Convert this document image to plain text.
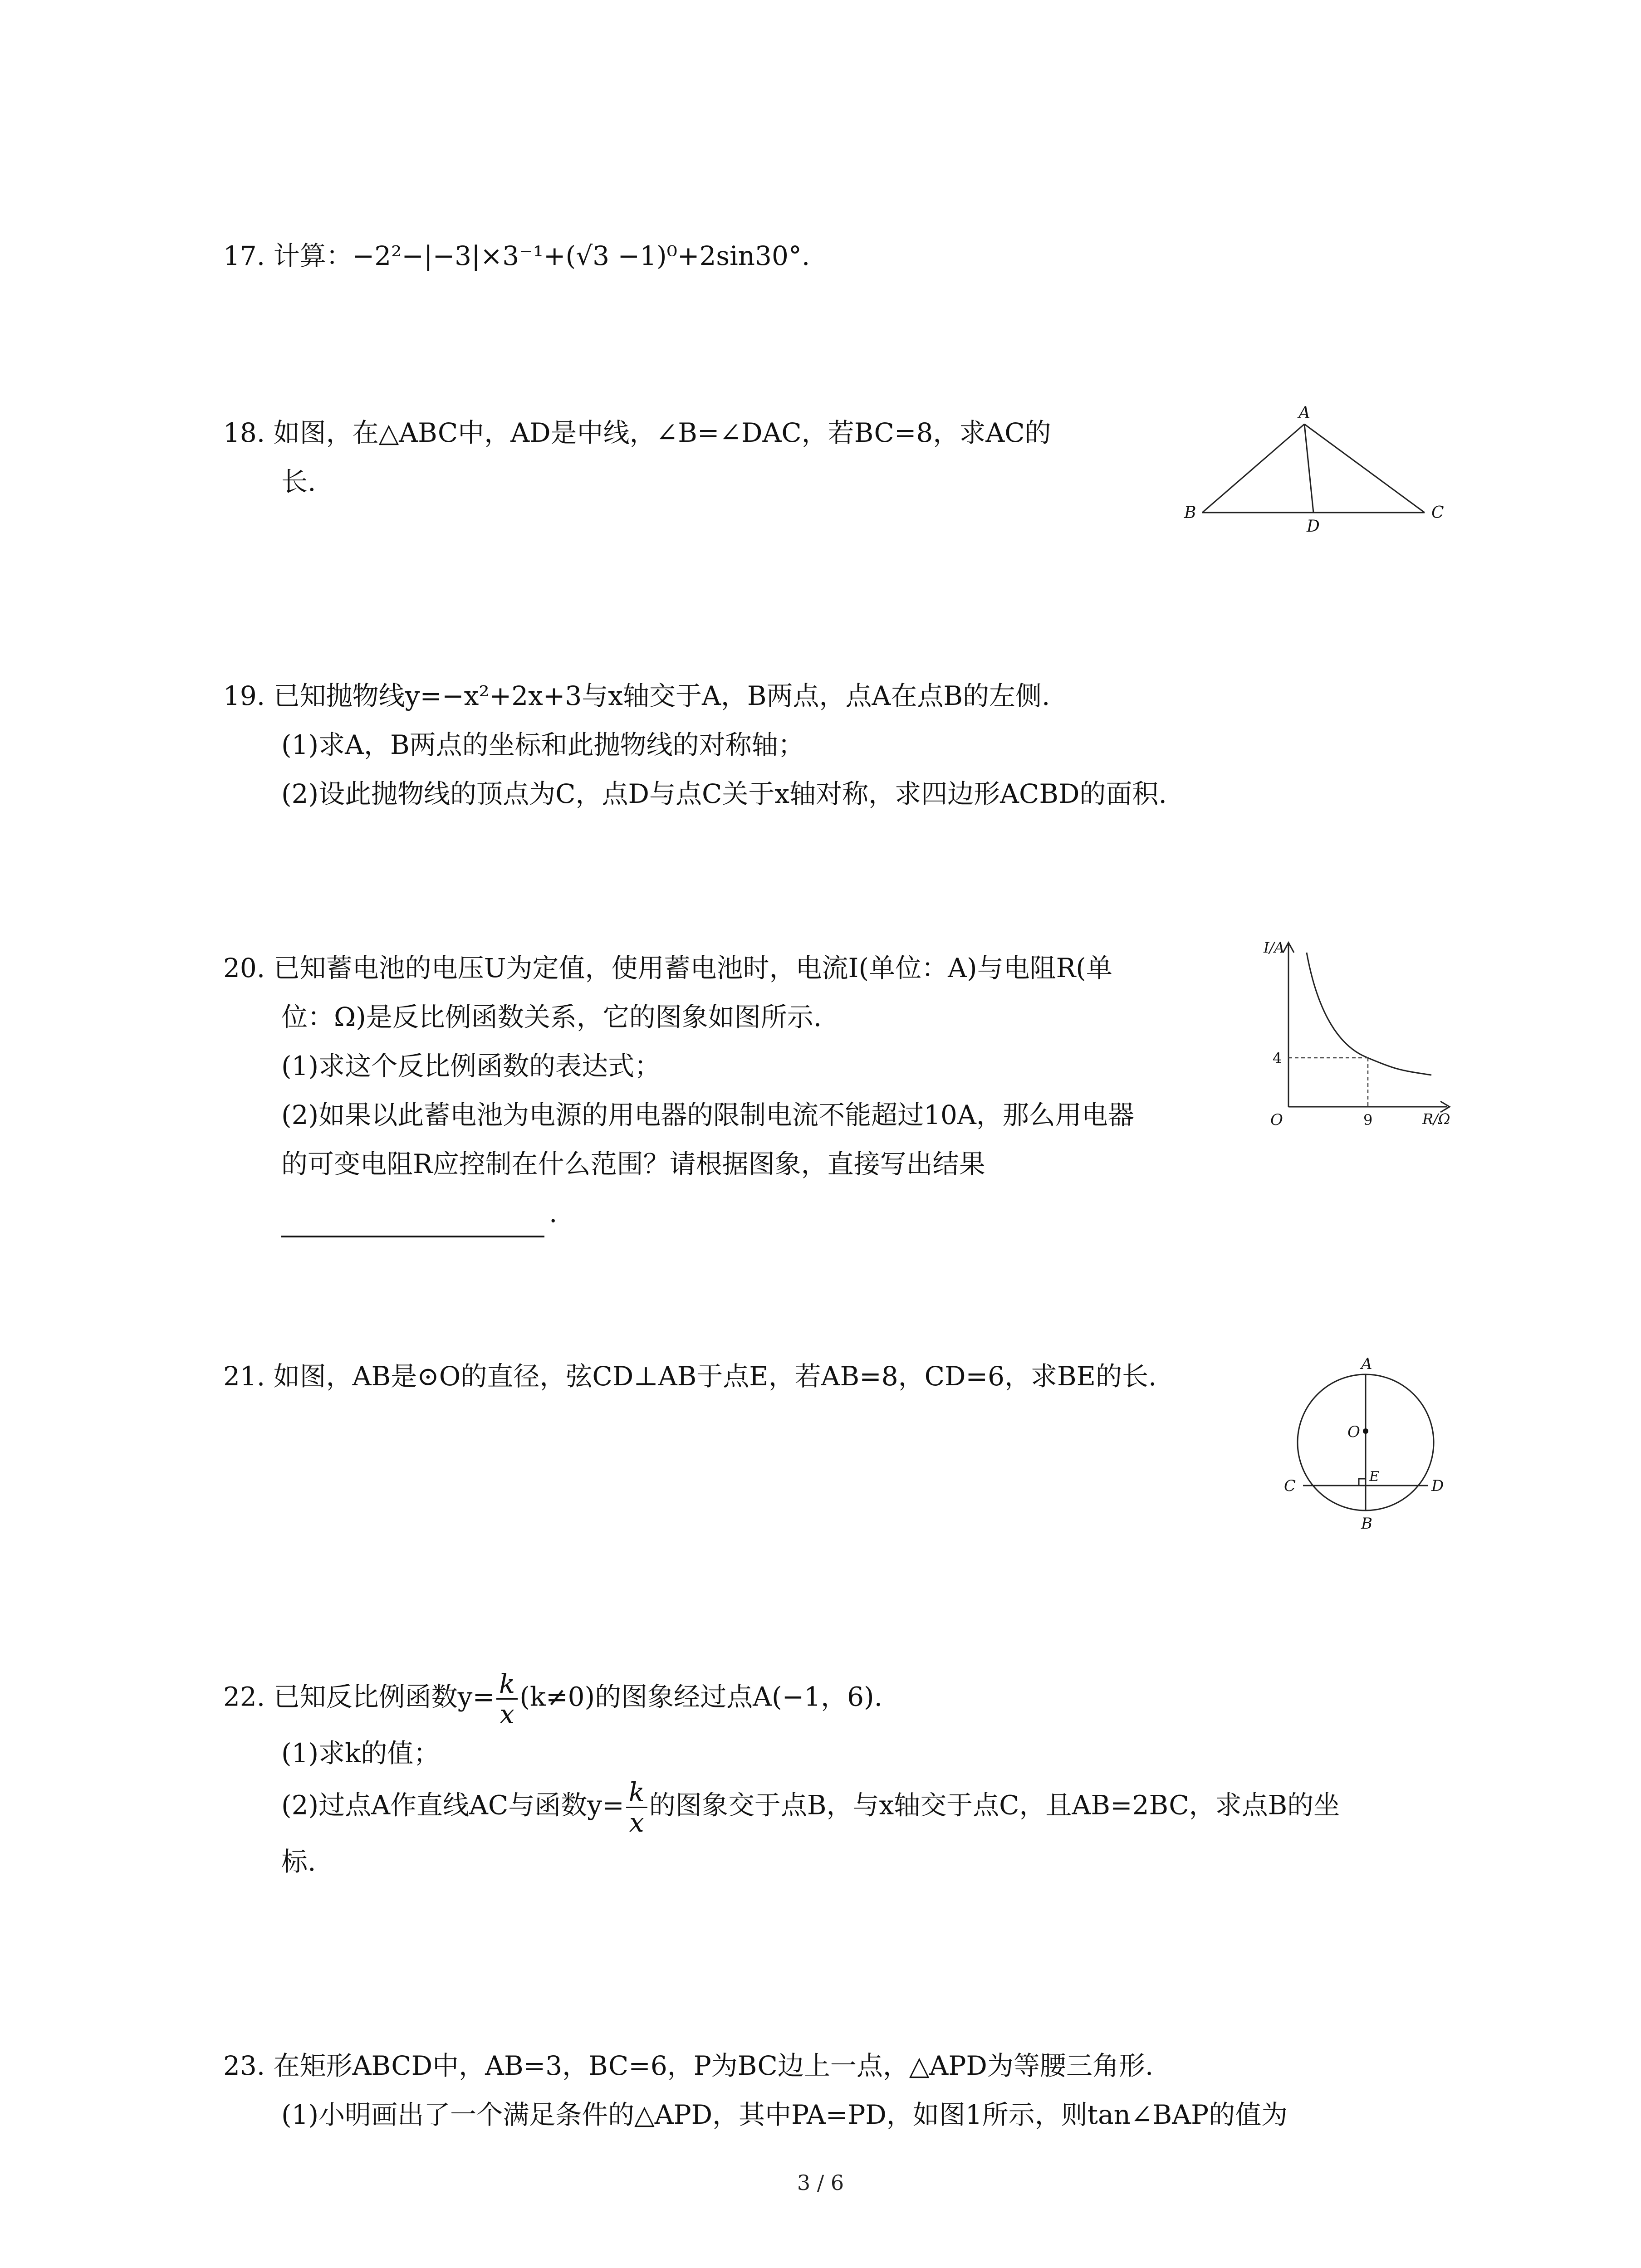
17. 计算：−2²−|−3|×3⁻¹+(√3 −1)⁰+2sin30°.
18. 如图，在△ABC中，AD是中线，∠B=∠DAC，若BC=8，求AC的
长.
A
B	C
D
19. 已知抛物线y=−x²+2x+3与x轴交于A，B两点，点A在点B的左侧.
(1)求A，B两点的坐标和此抛物线的对称轴；
(2)设此抛物线的顶点为C，点D与点C关于x轴对称，求四边形ACBD的面积.
20. 已知蓄电池的电压U为定值，使用蓄电池时，电流I(单位：A)与电阻R(单
位：Ω)是反比例函数关系，它的图象如图所示.
(1)求这个反比例函数的表达式；
(2)如果以此蓄电池为电源的用电器的限制电流不能超过10A，那么用电器
的可变电阻R应控制在什么范围？请根据图象，直接写出结果
.
I/A
R/Ω
O
4
9
21. 如图，AB是⊙O的直径，弦CD⊥AB于点E，若AB=8，CD=6，求BE的长.	A
B
C	D
E
O
22. 已知反比例函数$y= \frac{k}{x} (k\ne 0)$的图象经过点A(−1，6).
(1)求k的值；
(2)过点A作直线AC与函数$y= \frac{k}{x}$ 的图象交于点B，与x轴交于点C，且AB=2BC，求点B的坐
标.
23. 在矩形ABCD中，AB=3，BC=6，P为BC边上一点，△APD为等腰三角形.
(1)小明画出了一个满足条件的△APD，其中PA=PD，如图1所示，则tan∠BAP的值为
3 / 6
